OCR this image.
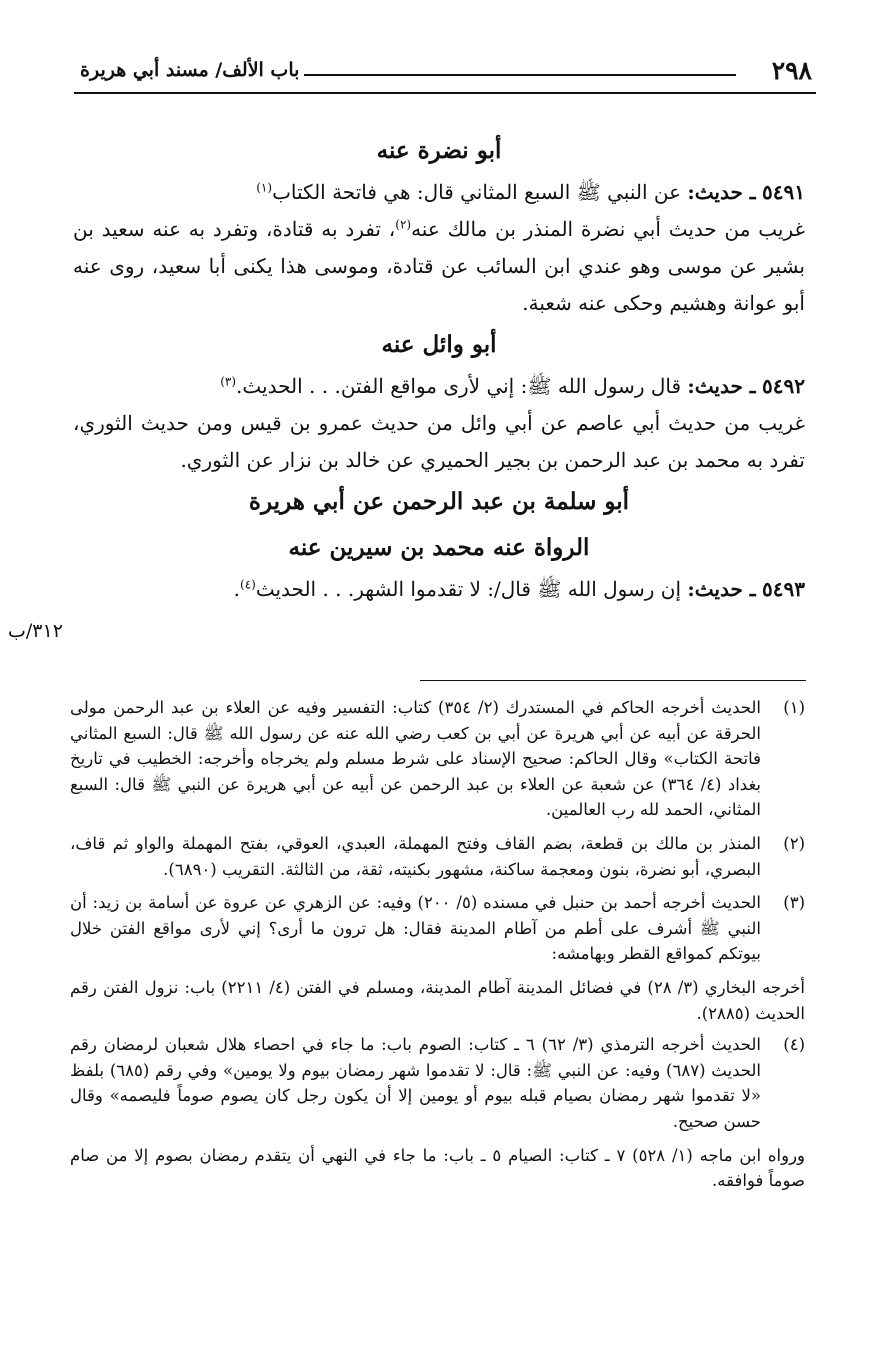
٢٩٨
باب الألف/ مسند أبي هريرة
أبو نضرة عنه

٥٤٩١ ـ حديث: عن النبي ﷺ السبع المثاني قال: هي فاتحة الكتاب$^{(١)}$

غريب من حديث أبي نضرة المنذر بن مالك عنه$^{(٢)}$، تفرد به قتادة، وتفرد به عنه سعيد بن بشير عن موسى وهو عندي ابن السائب عن قتادة، وموسى هذا يكنى أبا سعيد، روى عنه أبو عوانة وهشيم وحكى عنه شعبة.

أبو وائل عنه

٥٤٩٢ ـ حديث: قال رسول الله ﷺ: إني لأرى مواقع الفتن. . . الحديث.$^{(٣)}$

غريب من حديث أبي عاصم عن أبي وائل من حديث عمرو بن قيس ومن حديث الثوري، تفرد به محمد بن عبد الرحمن بن بجير الحميري عن خالد بن نزار عن الثوري.

أبو سلمة بن عبد الرحمن عن أبي هريرة
الرواة عنه محمد بن سيرين عنه

٥٤٩٣ ـ حديث: إن رسول الله ﷺ قال/: لا تقدموا الشهر. . . الحديث$^{(٤)}$.

٣١٢/ب
(١)
الحديث أخرجه الحاكم في المستدرك (٢/ ٣٥٤) كتاب: التفسير وفيه عن العلاء بن عبد الرحمن مولى الحرقة عن أبيه عن أبي هريرة عن أبي بن كعب رضي الله عنه عن رسول الله ﷺ قال: السبع المثاني فاتحة الكتاب» وقال الحاكم: صحيح الإسناد على شرط مسلم ولم يخرجاه وأخرجه: الخطيب في تاريخ بغداد (٤/ ٣٦٤) عن شعبة عن العلاء بن عبد الرحمن عن أبيه عن أبي هريرة عن النبي ﷺ قال: السبع المثاني، الحمد لله رب العالمين.
(٢)
المنذر بن مالك بن قطعة، بضم القاف وفتح المهملة، العبدي، العوقي، بفتح المهملة والواو ثم قاف، البصري، أبو نضرة، بنون ومعجمة ساكنة، مشهور بكنيته، ثقة، من الثالثة. التقريب (٦٨٩٠).
(٣)
الحديث أخرجه أحمد بن حنبل في مسنده (٥/ ٢٠٠) وفيه: عن الزهري عن عروة عن أسامة بن زيد: أن النبي ﷺ أشرف على أطم من آطام المدينة فقال: هل ترون ما أرى؟ إني لأرى مواقع الفتن خلال بيوتكم كمواقع القطر وبهامشه:
أخرجه البخاري (٣/ ٢٨) في فضائل المدينة آطام المدينة، ومسلم في الفتن (٤/ ٢٢١١) باب: نزول الفتن رقم الحديث (٢٨٨٥).
(٤)
الحديث أخرجه الترمذي (٣/ ٦٢) ٦ ـ كتاب: الصوم باب: ما جاء في احصاء هلال شعبان لرمضان رقم الحديث (٦٨٧) وفيه: عن النبي ﷺ: قال: لا تقدموا شهر رمضان بيوم ولا يومين» وفي رقم (٦٨٥) بلفظ «لا تقدموا شهر رمضان بصيام قبله بيوم أو يومين إلا أن يكون رجل كان يصوم صوماً فليصمه» وقال حسن صحيح.
ورواه ابن ماجه (١/ ٥٢٨) ٧ ـ كتاب: الصيام ٥ ـ باب: ما جاء في النهي أن يتقدم رمضان بصوم إلا من صام صوماً فوافقه.
